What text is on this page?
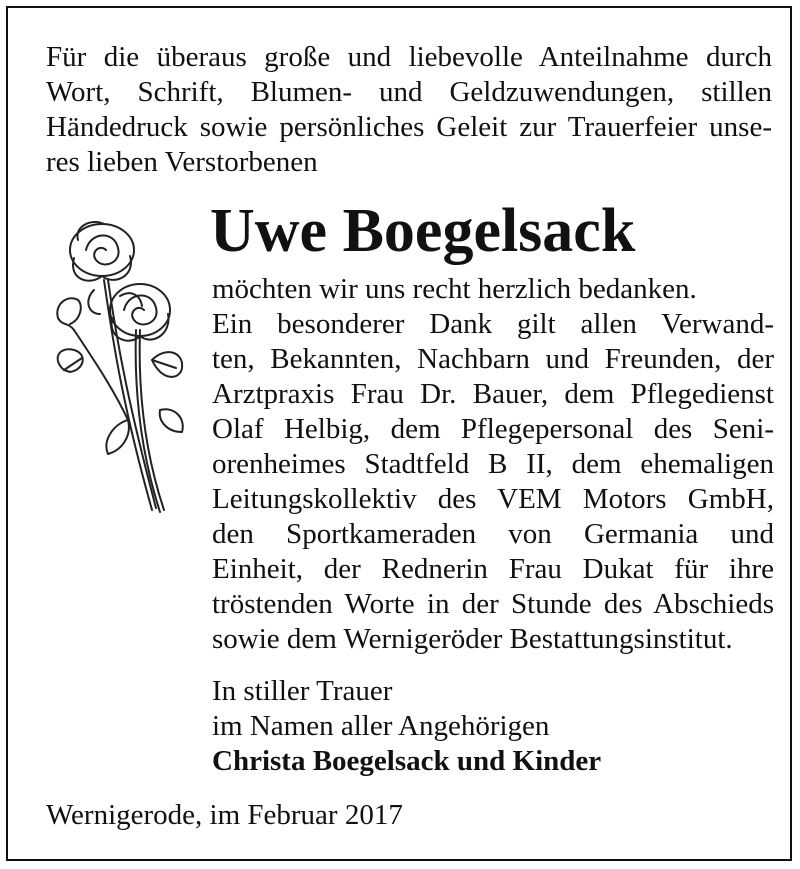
Für die überaus große und liebevolle Anteilnahme durch
Wort, Schrift, Blumen- und Geldzuwendungen, stillen
Händedruck sowie persönliches Geleit zur Trauerfeier unse-
res lieben Verstorbenen
Uwe Boegelsack
möchten wir uns recht herzlich bedanken.
Ein besonderer Dank gilt allen Verwand-
ten, Bekannten, Nachbarn und Freunden, der
Arztpraxis Frau Dr. Bauer, dem Pflegedienst
Olaf Helbig, dem Pflegepersonal des Seni-
orenheimes Stadtfeld B II, dem ehemaligen
Leitungskollektiv des VEM Motors GmbH,
den Sportkameraden von Germania und
Einheit, der Rednerin Frau Dukat für ihre
tröstenden Worte in der Stunde des Abschieds
sowie dem Wernigeröder Bestattungsinstitut.
In stiller Trauer
im Namen aller Angehörigen
Christa Boegelsack und Kinder
Wernigerode, im Februar 2017
